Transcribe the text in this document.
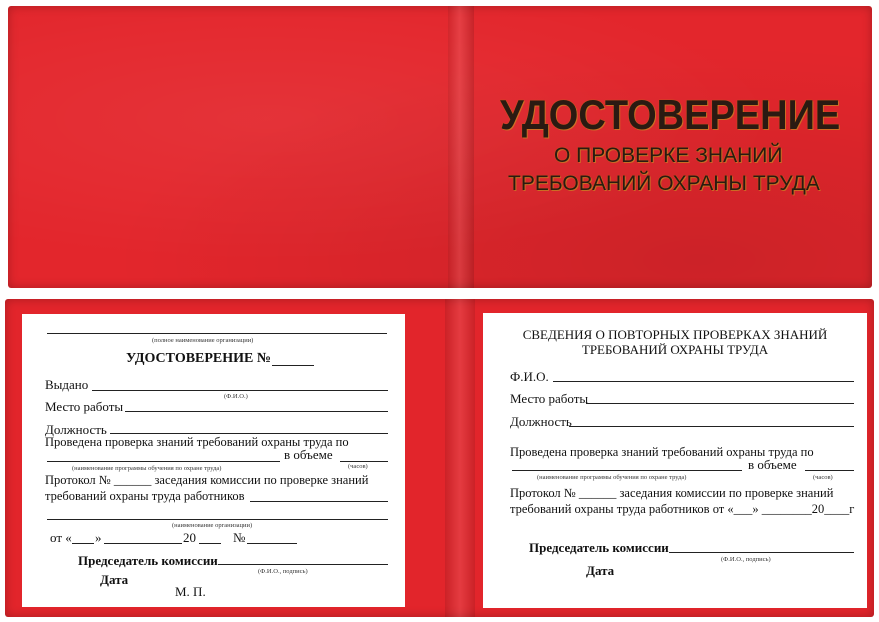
УДОСТОВЕРЕНИЕ
О ПРОВЕРКЕ ЗНАНИЙ
ТРЕБОВАНИЙ ОХРАНЫ ТРУДА
(полное наименование организации)
УДОСТОВЕРЕНИЕ №
Выдано
(Ф.И.О.)
Место работы
Должность
Проведена проверка знаний требований охраны труда по
в объеме
(наименование программы обучения по охране труда)	(часов)
Протокол № ______ заседания комиссии по проверке знаний
требований охраны труда работников
(наименование организации)
от « »	20	№
Председатель комиссии
(Ф.И.О., подпись)
Дата
М. П.
СВЕДЕНИЯ О ПОВТОРНЫХ ПРОВЕРКАХ ЗНАНИЙ
ТРЕБОВАНИЙ ОХРАНЫ ТРУДА
Ф.И.О.
Место работы
Должность
Проведена проверка знаний требований охраны труда по
в объеме
(наименование программы обучения по охране труда)	(часов)
Протокол № ______ заседания комиссии по проверке знаний
требований охраны труда работников от «___» ________20____г
Председатель комиссии
(Ф.И.О., подпись)
Дата
